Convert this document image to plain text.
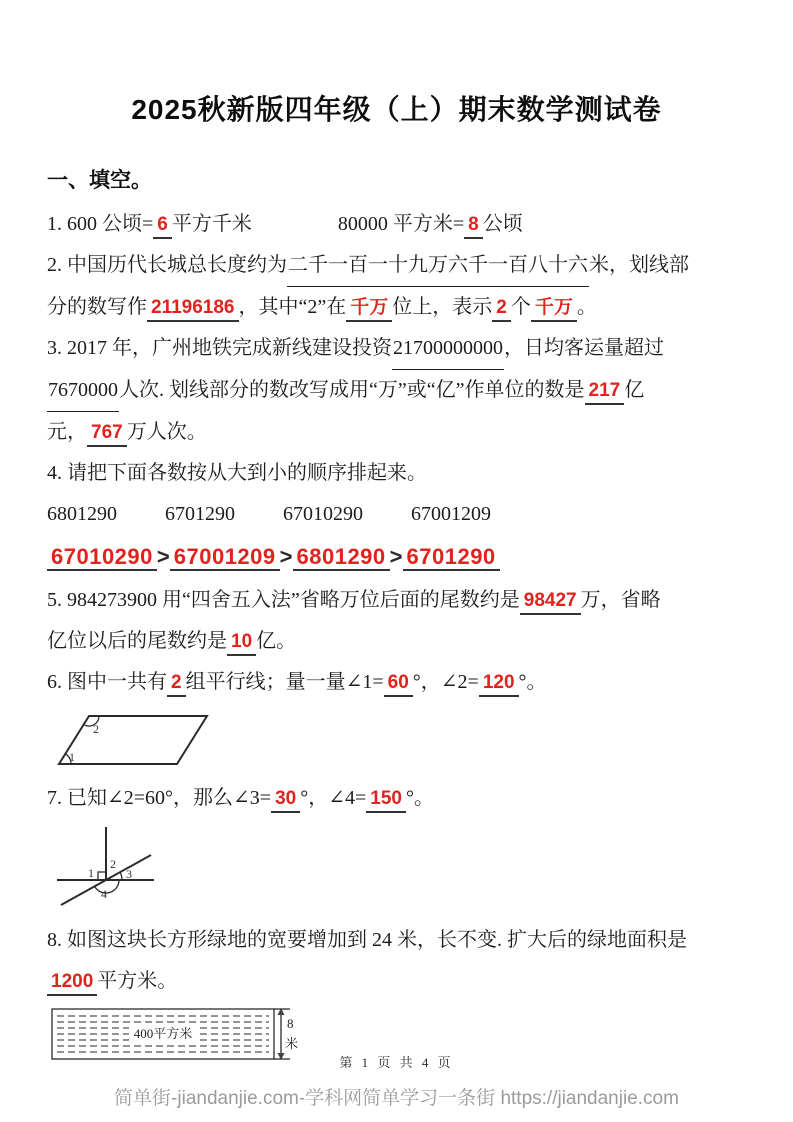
2025秋新版四年级（上）期末数学测试卷
一、填空。
1. 600 公顷= 6平方千米	80000 平方米= 8公顷
2. 中国历代长城总长度约为二千一百一十九万六千一百八十六米，划线部
分的数写作21196186 ，其中“2”在 千万 位上，表示2个 千万 。
3. 2017 年，广州地铁完成新线建设投资21700000000，日均客运量超过
7670000人次. 划线部分的数改写成用“万”或“亿”作单位的数是217亿
元， 767万人次。
4. 请把下面各数按从大到小的顺序排起来。
6801290 6701290 67010290 67001209
67010290 > 67001209 > 6801290 > 6701290
5. 984273900 用“四舍五入法”省略万位后面的尾数约是98427万，省略
亿位以后的尾数约是10亿。
6. 图中一共有2组平行线；量一量∠1= 60 °，∠2= 120 °。
1
2
7. 已知∠2=60°，那么∠3= 30 °，∠4= 150 °。
1
2
3
4
8. 如图这块长方形绿地的宽要增加到 24 米，长不变. 扩大后的绿地面积是
1200平方米。
400平方米
8
米
第 1 页 共 4 页
简单街-jiandanjie.com-学科网简单学习一条街 https://jiandanjie.com
